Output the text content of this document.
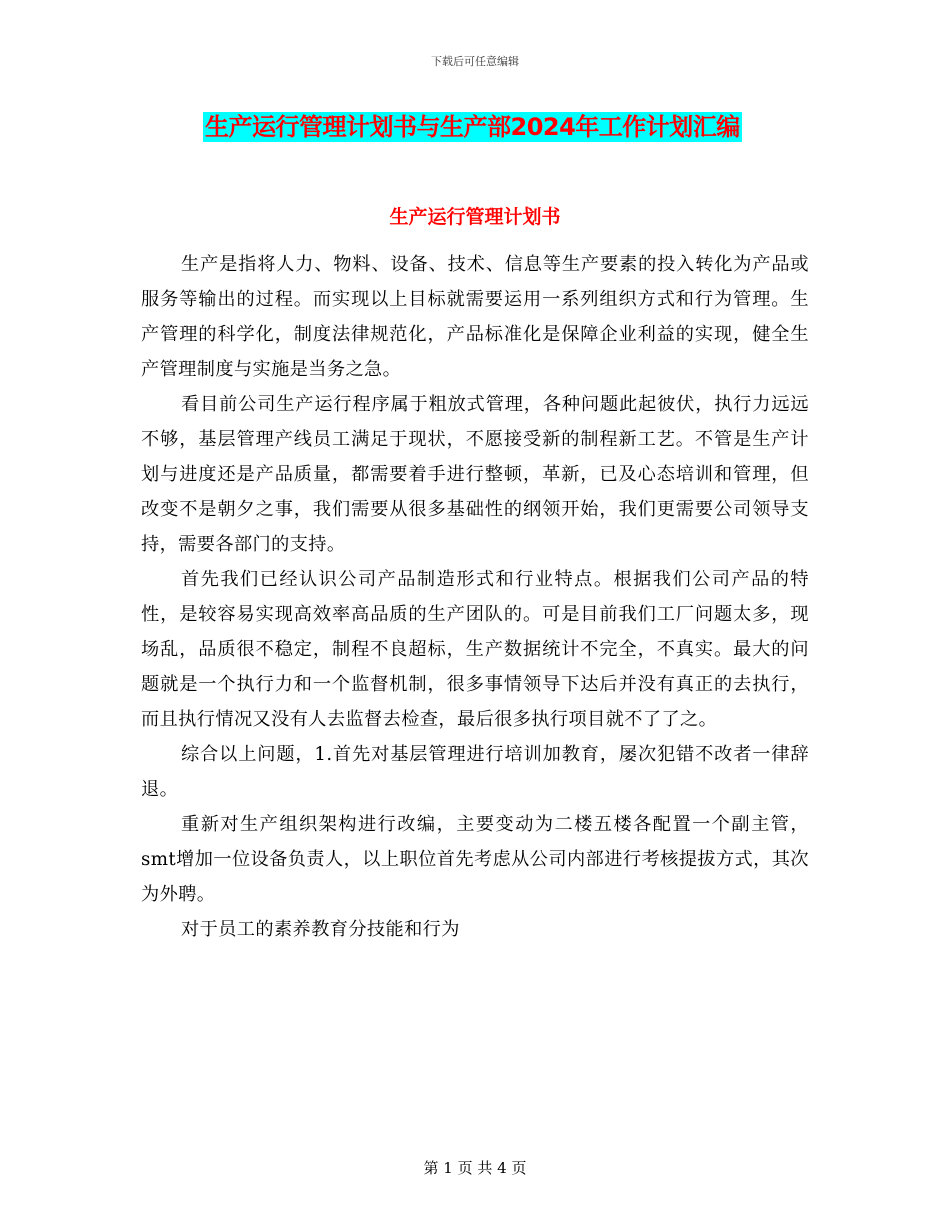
下载后可任意编辑
生产运行管理计划书与生产部2024年工作计划汇编
生产运行管理计划书

生产是指将人力、物料、设备、技术、信息等生产要素的投入转化为产品或服务等输出的过程。而实现以上目标就需要运用一系列组织方式和行为管理。生产管理的科学化，制度法律规范化，产品标准化是保障企业利益的实现，健全生产管理制度与实施是当务之急。

看目前公司生产运行程序属于粗放式管理，各种问题此起彼伏，执行力远远不够，基层管理产线员工满足于现状，不愿接受新的制程新工艺。不管是生产计划与进度还是产品质量，都需要着手进行整顿，革新，已及心态培训和管理，但改变不是朝夕之事，我们需要从很多基础性的纲领开始，我们更需要公司领导支持，需要各部门的支持。

首先我们已经认识公司产品制造形式和行业特点。根据我们公司产品的特性，是较容易实现高效率高品质的生产团队的。可是目前我们工厂问题太多，现场乱，品质很不稳定，制程不良超标，生产数据统计不完全，不真实。最大的问题就是一个执行力和一个监督机制，很多事情领导下达后并没有真正的去执行，而且执行情况又没有人去监督去检查，最后很多执行项目就不了了之。

综合以上问题，1.首先对基层管理进行培训加教育，屡次犯错不改者一律辞退。

重新对生产组织架构进行改编，主要变动为二楼五楼各配置一个副主管，smt增加一位设备负责人，以上职位首先考虑从公司内部进行考核提拔方式，其次为外聘。

对于员工的素养教育分技能和行为

第 1 页 共 4 页
